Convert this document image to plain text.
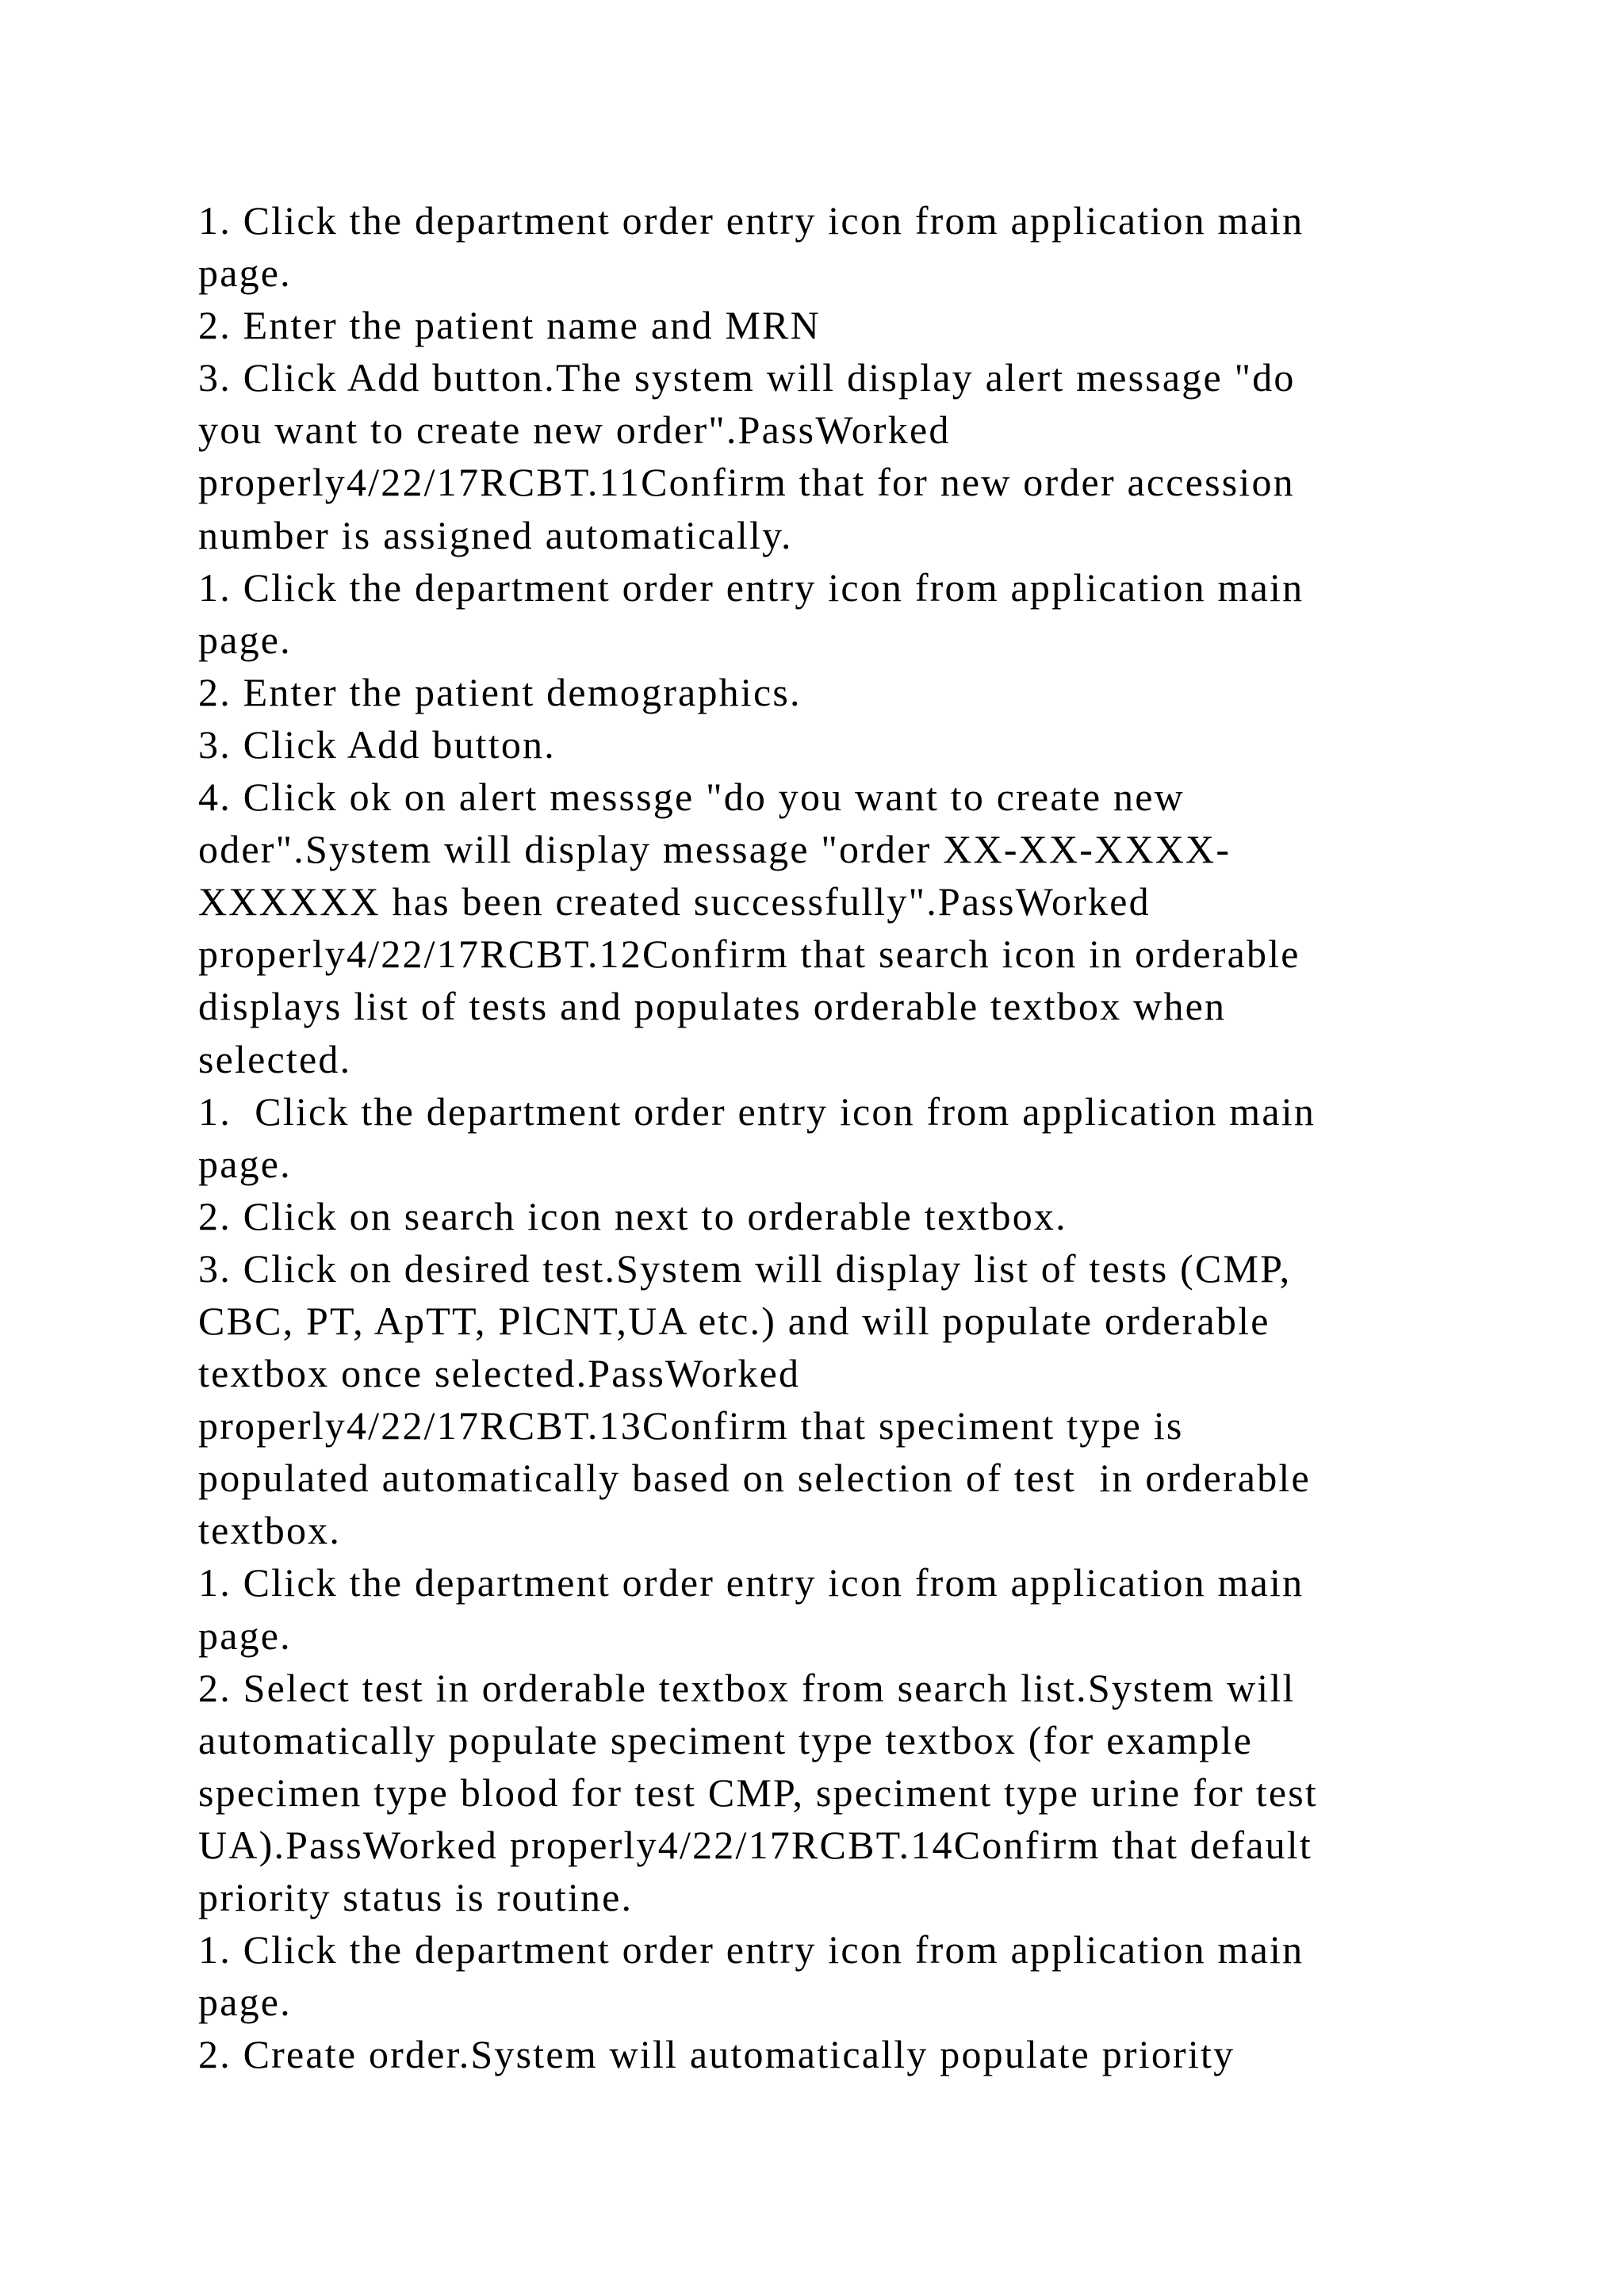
1. Click the department order entry icon from application main
page.
2. Enter the patient name and MRN
3. Click Add button.The system will display alert message "do
you want to create new order".PassWorked
properly4/22/17RCBT.11Confirm that for new order accession
number is assigned automatically.
1. Click the department order entry icon from application main
page.
2. Enter the patient demographics.
3. Click Add button.
4. Click ok on alert messsge "do you want to create new
oder".System will display message "order XX-XX-XXXX-
XXXXXX has been created successfully".PassWorked
properly4/22/17RCBT.12Confirm that search icon in orderable
displays list of tests and populates orderable textbox when
selected.
1.  Click the department order entry icon from application main
page.
2. Click on search icon next to orderable textbox.
3. Click on desired test.System will display list of tests (CMP,
CBC, PT, ApTT, PlCNT,UA etc.) and will populate orderable
textbox once selected.PassWorked
properly4/22/17RCBT.13Confirm that speciment type is
populated automatically based on selection of test  in orderable
textbox.
1. Click the department order entry icon from application main
page.
2. Select test in orderable textbox from search list.System will
automatically populate speciment type textbox (for example
specimen type blood for test CMP, speciment type urine for test
UA).PassWorked properly4/22/17RCBT.14Confirm that default
priority status is routine.
1. Click the department order entry icon from application main
page.
2. Create order.System will automatically populate priority
